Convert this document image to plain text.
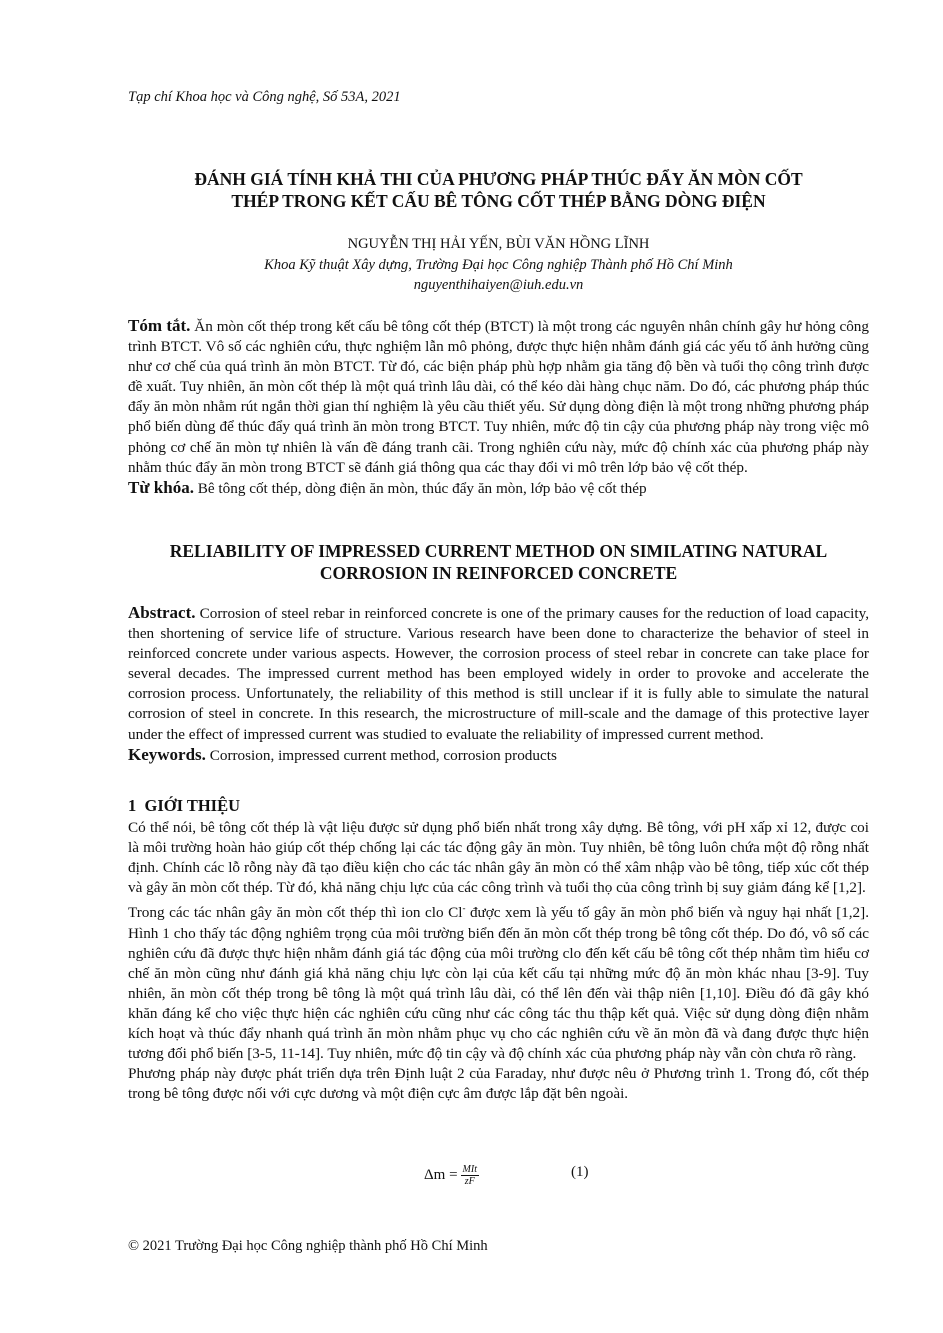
Tạp chí Khoa học và Công nghệ, Số 53A, 2021
ĐÁNH GIÁ TÍNH KHẢ THI CỦA PHƯƠNG PHÁP THÚC ĐẨY ĂN MÒN CỐT
THÉP TRONG KẾT CẤU BÊ TÔNG CỐT THÉP BẰNG DÒNG ĐIỆN
NGUYỄN THỊ HẢI YẾN, BÙI VĂN HỒNG LĨNH
Khoa Kỹ thuật Xây dựng, Trường Đại học Công nghiệp Thành phố Hồ Chí Minh
nguyenthihaiyen@iuh.edu.vn

Tóm tắt. Ăn mòn cốt thép trong kết cấu bê tông cốt thép (BTCT) là một trong các nguyên nhân chính gây hư hỏng công trình BTCT. Vô số các nghiên cứu, thực nghiệm lẫn mô phỏng, được thực hiện nhằm đánh giá các yếu tố ảnh hưởng cũng như cơ chế của quá trình ăn mòn BTCT. Từ đó, các biện pháp phù hợp nhằm gia tăng độ bền và tuổi thọ công trình được đề xuất. Tuy nhiên, ăn mòn cốt thép là một quá trình lâu dài, có thể kéo dài hàng chục năm. Do đó, các phương pháp thúc đẩy ăn mòn nhằm rút ngắn thời gian thí nghiệm là yêu cầu thiết yếu. Sử dụng dòng điện là một trong những phương pháp phổ biến dùng để thúc đẩy quá trình ăn mòn trong BTCT. Tuy nhiên, mức độ tin cậy của phương pháp này trong việc mô phỏng cơ chế ăn mòn tự nhiên là vấn đề đáng tranh cãi. Trong nghiên cứu này, mức độ chính xác của phương pháp này nhằm thúc đẩy ăn mòn trong BTCT sẽ đánh giá thông qua các thay đổi vi mô trên lớp bảo vệ cốt thép.

Từ khóa. Bê tông cốt thép, dòng điện ăn mòn, thúc đẩy ăn mòn, lớp bảo vệ cốt thép

RELIABILITY OF IMPRESSED CURRENT METHOD ON SIMILATING NATURAL
CORROSION IN REINFORCED CONCRETE

Abstract. Corrosion of steel rebar in reinforced concrete is one of the primary causes for the reduction of load capacity, then shortening of service life of structure. Various research have been done to characterize the behavior of steel in reinforced concrete under various aspects. However, the corrosion process of steel rebar in concrete can take place for several decades. The impressed current method has been employed widely in order to provoke and accelerate the corrosion process. Unfortunately, the reliability of this method is still unclear if it is fully able to simulate the natural corrosion of steel in concrete. In this research, the microstructure of mill-scale and the damage of this protective layer under the effect of impressed current was studied to evaluate the reliability of impressed current method.

Keywords. Corrosion, impressed current method, corrosion products

1 GIỚI THIỆU

Có thể nói, bê tông cốt thép là vật liệu được sử dụng phổ biến nhất trong xây dựng. Bê tông, với pH xấp xỉ 12, được coi là môi trường hoàn hảo giúp cốt thép chống lại các tác động gây ăn mòn. Tuy nhiên, bê tông luôn chứa một độ rỗng nhất định. Chính các lỗ rỗng này đã tạo điều kiện cho các tác nhân gây ăn mòn có thể xâm nhập vào bê tông, tiếp xúc cốt thép và gây ăn mòn cốt thép. Từ đó, khả năng chịu lực của các công trình và tuổi thọ của công trình bị suy giảm đáng kể [1,2].

Trong các tác nhân gây ăn mòn cốt thép thì ion clo Cl- được xem là yếu tố gây ăn mòn phổ biến và nguy hại nhất [1,2]. Hình 1 cho thấy tác động nghiêm trọng của môi trường biển đến ăn mòn cốt thép trong bê tông cốt thép. Do đó, vô số các nghiên cứu đã được thực hiện nhằm đánh giá tác động của môi trường clo đến kết cấu bê tông cốt thép nhằm tìm hiểu cơ chế ăn mòn cũng như đánh giá khả năng chịu lực còn lại của kết cấu tại những mức độ ăn mòn khác nhau [3-9]. Tuy nhiên, ăn mòn cốt thép trong bê tông là một quá trình lâu dài, có thể lên đến vài thập niên [1,10]. Điều đó đã gây khó khăn đáng kể cho việc thực hiện các nghiên cứu cũng như các công tác thu thập kết quả. Việc sử dụng dòng điện nhằm kích hoạt và thúc đẩy nhanh quá trình ăn mòn nhằm phục vụ cho các nghiên cứu về ăn mòn đã và đang được thực hiện tương đối phổ biến [3-5, 11-14]. Tuy nhiên, mức độ tin cậy và độ chính xác của phương pháp này vẫn còn chưa rõ ràng.

Phương pháp này được phát triển dựa trên Định luật 2 của Faraday, như được nêu ở Phương trình 1. Trong đó, cốt thép trong bê tông được nối với cực dương và một điện cực âm được lắp đặt bên ngoài.

$\Delta m = \frac{\text{MIt}}{zF}$	(1)
© 2021 Trường Đại học Công nghiệp thành phố Hồ Chí Minh
